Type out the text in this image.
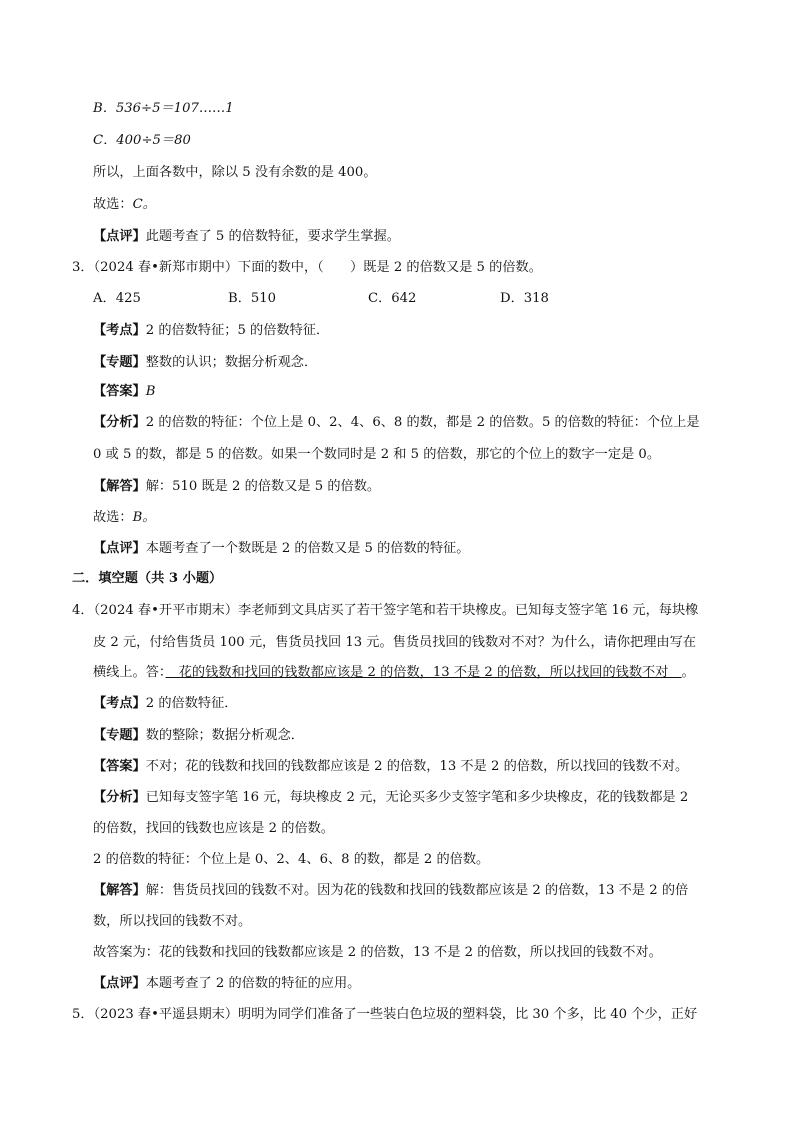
B．536÷5＝107……1
C．400÷5＝80
所以，上面各数中，除以 5 没有余数的是 400。
故选：C。
【点评】此题考查了 5 的倍数特征，要求学生掌握。
3．（2024 春•新郑市期中）下面的数中，（　　）既是 2 的倍数又是 5 的倍数。
A．425	B．510	C．642	D．318
【考点】2 的倍数特征；5 的倍数特征．
【专题】整数的认识；数据分析观念．
【答案】B
【分析】2 的倍数的特征：个位上是 0、2、4、6、8 的数，都是 2 的倍数。5 的倍数的特征：个位上是
0 或 5 的数，都是 5 的倍数。如果一个数同时是 2 和 5 的倍数，那它的个位上的数字一定是 0。
【解答】解：510 既是 2 的倍数又是 5 的倍数。
故选：B。
【点评】本题考查了一个数既是 2 的倍数又是 5 的倍数的特征。
二．填空题（共 3 小题）
4．（2024 春•开平市期末）李老师到文具店买了若干签字笔和若干块橡皮。已知每支签字笔 16 元，每块橡
皮 2 元，付给售货员 100 元，售货员找回 13 元。售货员找回的钱数对不对？为什么，请你把理由写在
横线上。答：　花的钱数和找回的钱数都应该是 2 的倍数，13 不是 2 的倍数，所以找回的钱数不对　。
【考点】2 的倍数特征．
【专题】数的整除；数据分析观念．
【答案】不对；花的钱数和找回的钱数都应该是 2 的倍数，13 不是 2 的倍数，所以找回的钱数不对。
【分析】已知每支签字笔 16 元，每块橡皮 2 元，无论买多少支签字笔和多少块橡皮，花的钱数都是 2
的倍数，找回的钱数也应该是 2 的倍数。
2 的倍数的特征：个位上是 0、2、4、6、8 的数，都是 2 的倍数。
【解答】解：售货员找回的钱数不对。因为花的钱数和找回的钱数都应该是 2 的倍数，13 不是 2 的倍
数，所以找回的钱数不对。
故答案为：花的钱数和找回的钱数都应该是 2 的倍数，13 不是 2 的倍数，所以找回的钱数不对。
【点评】本题考查了 2 的倍数的特征的应用。
5．（2023 春•平遥县期末）明明为同学们准备了一些装白色垃圾的塑料袋，比 30 个多，比 40 个少，正好
